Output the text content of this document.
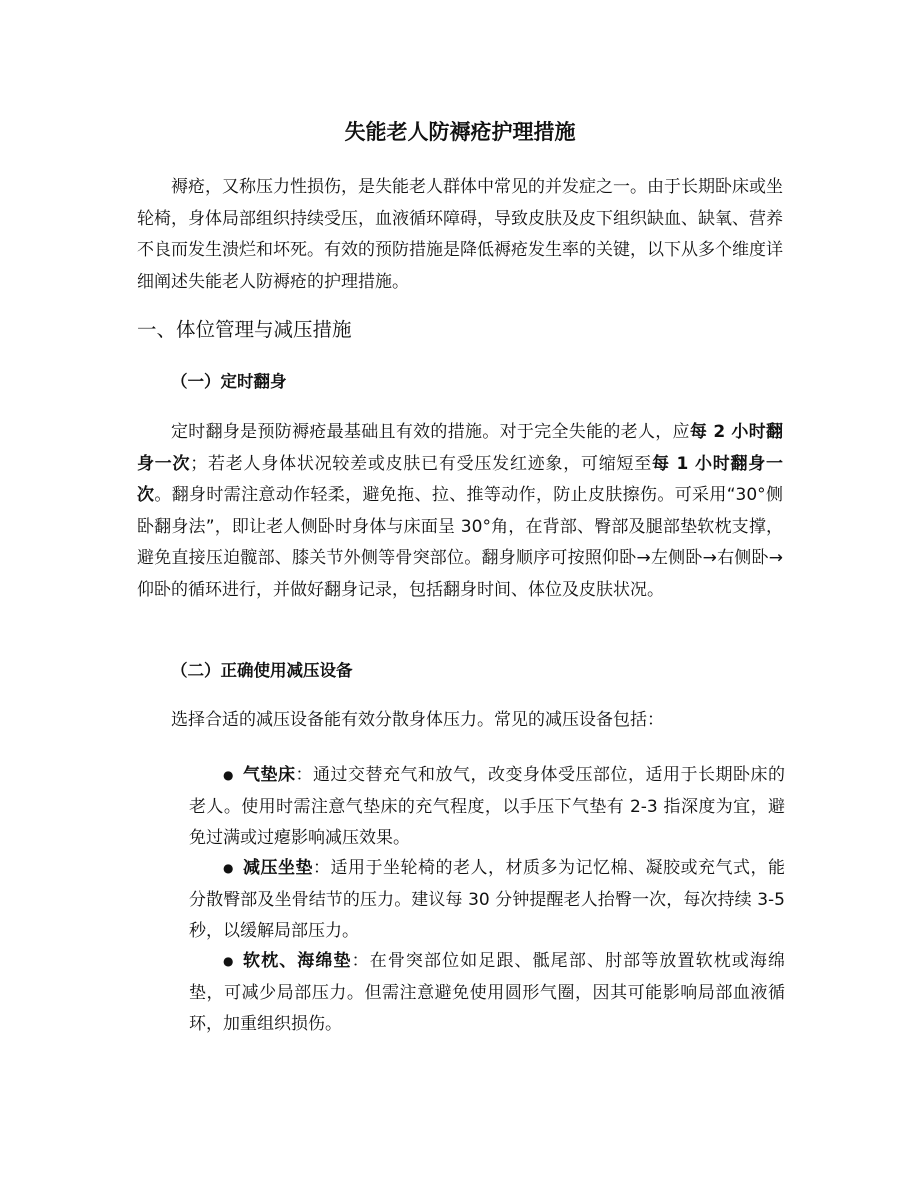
失能老人防褥疮护理措施

褥疮，又称压力性损伤，是失能老人群体中常见的并发症之一。由于长期卧床或坐轮椅，身体局部组织持续受压，血液循环障碍，导致皮肤及皮下组织缺血、缺氧、营养不良而发生溃烂和坏死。有效的预防措施是降低褥疮发生率的关键，以下从多个维度详细阐述失能老人防褥疮的护理措施。

一、体位管理与减压措施
（一）定时翻身

定时翻身是预防褥疮最基础且有效的措施。对于完全失能的老人，应每 2 小时翻身一次；若老人身体状况较差或皮肤已有受压发红迹象，可缩短至每 1 小时翻身一次。翻身时需注意动作轻柔，避免拖、拉、推等动作，防止皮肤擦伤。可采用“30°侧卧翻身法”，即让老人侧卧时身体与床面呈 30°角，在背部、臀部及腿部垫软枕支撑，避免直接压迫髋部、膝关节外侧等骨突部位。翻身顺序可按照仰卧→左侧卧→右侧卧→仰卧的循环进行，并做好翻身记录，包括翻身时间、体位及皮肤状况。

（二）正确使用减压设备
选择合适的减压设备能有效分散身体压力。常见的减压设备包括：
● 气垫床：通过交替充气和放气，改变身体受压部位，适用于长期卧床的老人。使用时需注意气垫床的充气程度，以手压下气垫有 2-3 指深度为宜，避免过满或过瘪影响减压效果。

● 减压坐垫：适用于坐轮椅的老人，材质多为记忆棉、凝胶或充气式，能分散臀部及坐骨结节的压力。建议每 30 分钟提醒老人抬臀一次，每次持续 3-5 秒，以缓解局部压力。

● 软枕、海绵垫：在骨突部位如足跟、骶尾部、肘部等放置软枕或海绵垫，可减少局部压力。但需注意避免使用圆形气圈，因其可能影响局部血液循环，加重组织损伤。
